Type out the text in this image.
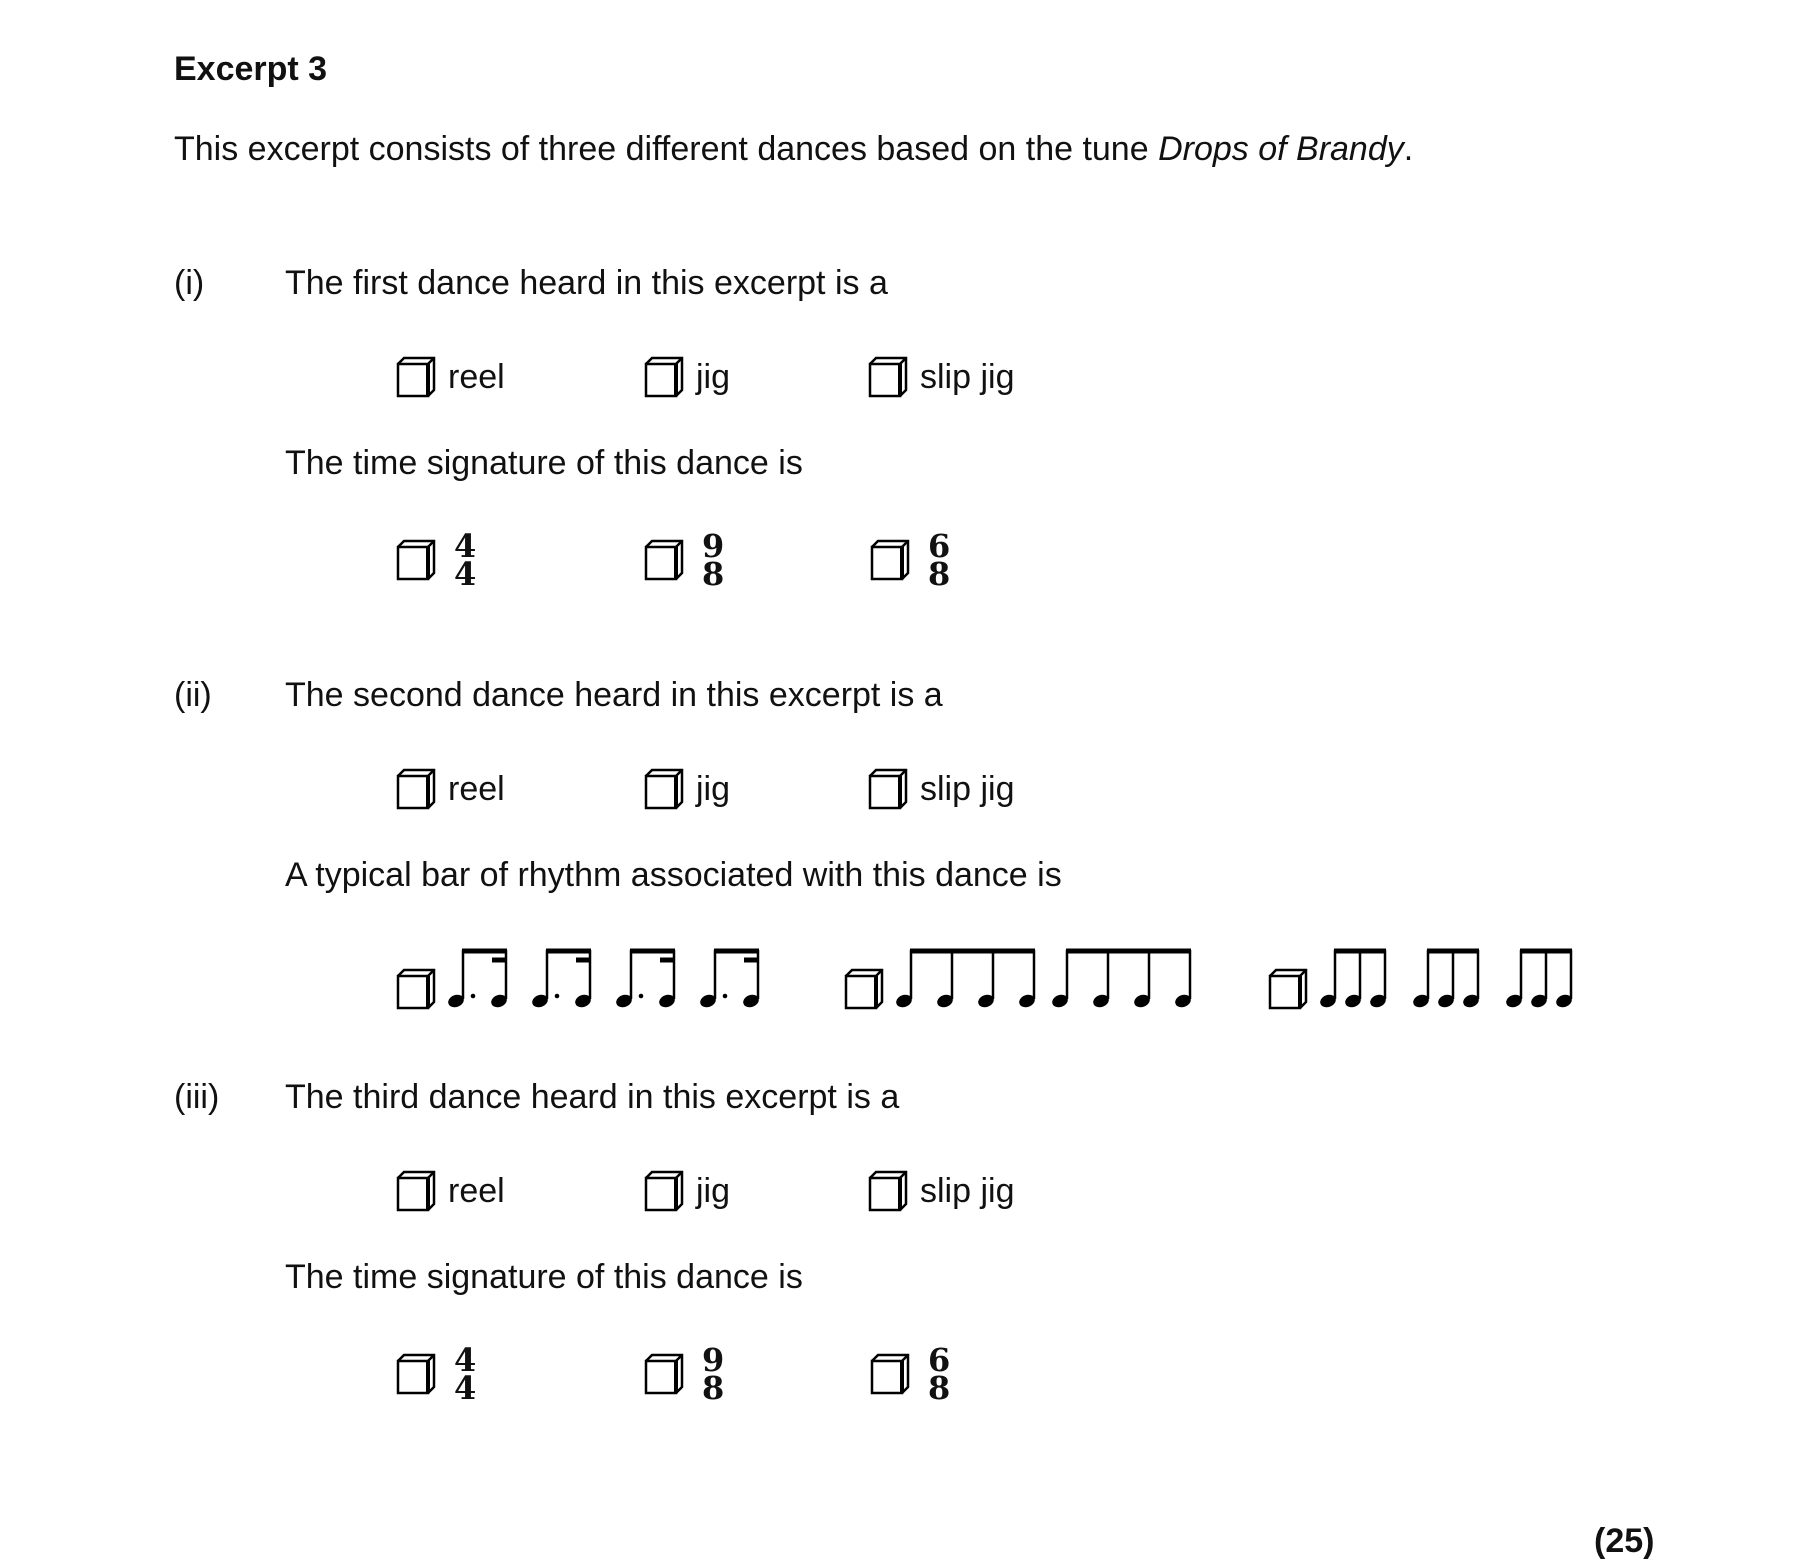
Excerpt 3
This excerpt consists of three different dances based on the tune Drops of Brandy.
(i) The first dance heard in this excerpt is a
reel	jig	slip jig
The time signature of this dance is
4
4
9
8
6
8
(ii) The second dance heard in this excerpt is a
reel	jig	slip jig
A typical bar of rhythm associated with this dance is
(iii) The third dance heard in this excerpt is a
reel	jig	slip jig
The time signature of this dance is
4
4
9
8
6
8
(25)
